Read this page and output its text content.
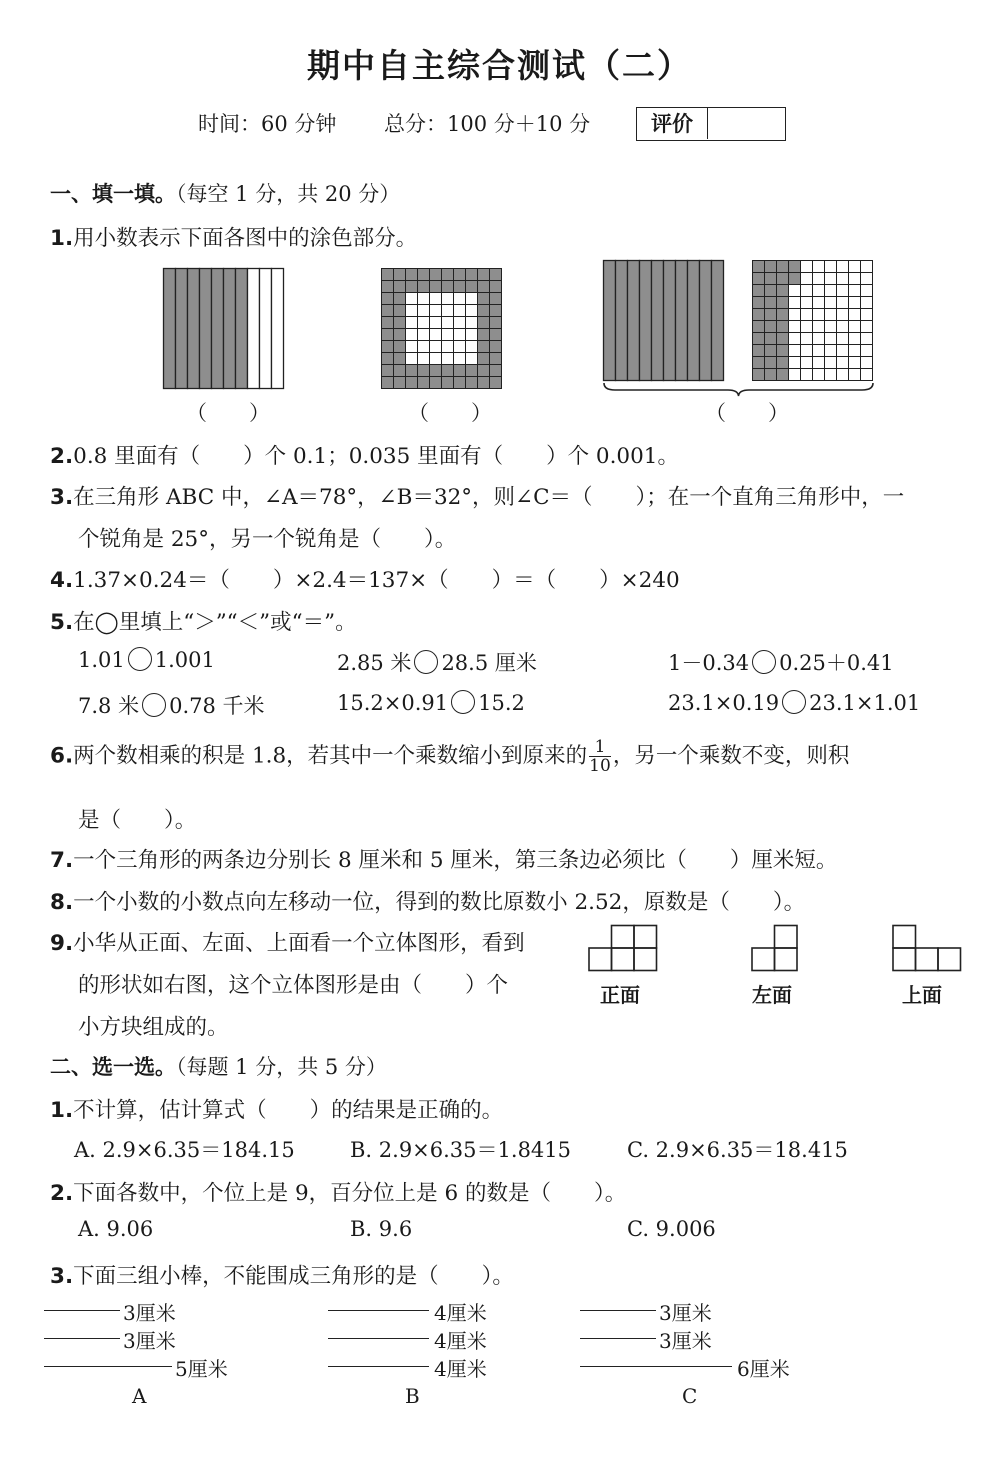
期中自主综合测试（二）
时间：60 分钟 总分：100 分＋10 分	评价
一、填一填。（每空 1 分，共 20 分）
1.用小数表示下面各图中的涂色部分。
（　　）	（　　）	（　　）
2.0.8 里面有（　　）个 0.1；0.035 里面有（　　）个 0.001。
3.在三角形 ABC 中，∠A＝78°，∠B＝32°，则∠C＝（　　）；在一个直角三角形中，一
个锐角是 25°，另一个锐角是（　　）。
4.1.37×0.24＝（　　）×2.4＝137×（　　）＝（　　）×240
5.在◯里填上“＞”“＜”或“＝”。
1.01 1.001	2.85 米 28.5 厘米	1－0.34 0.25＋0.41
7.8 米 0.78 千米	15.2×0.91 15.2	23.1×0.19 23.1×1.01
6.两个数相乘的积是 1.8，若其中一个乘数缩小到原来的 $\frac{1}{10}$ ，另一个乘数不变，则积
是（　　）。
7.一个三角形的两条边分别长 8 厘米和 5 厘米，第三条边必须比（　　）厘米短。
8.一个小数的小数点向左移动一位，得到的数比原数小 2.52，原数是（　　）。
9.小华从正面、左面、上面看一个立体图形，看到
的形状如右图，这个立体图形是由（　　）个
小方块组成的。
正面	左面	上面
二、选一选。（每题 1 分，共 5 分）
1.不计算，估计算式（　　）的结果是正确的。
A. 2.9×6.35＝184.15	B. 2.9×6.35＝1.8415	C. 2.9×6.35＝18.415
2.下面各数中，个位上是 9，百分位上是 6 的数是（　　）。
A. 9.06	B. 9.6	C. 9.006
3.下面三组小棒，不能围成三角形的是（　　）。
3厘米
3厘米
5厘米
A
4厘米
4厘米
4厘米
B
3厘米
3厘米
6厘米
C
